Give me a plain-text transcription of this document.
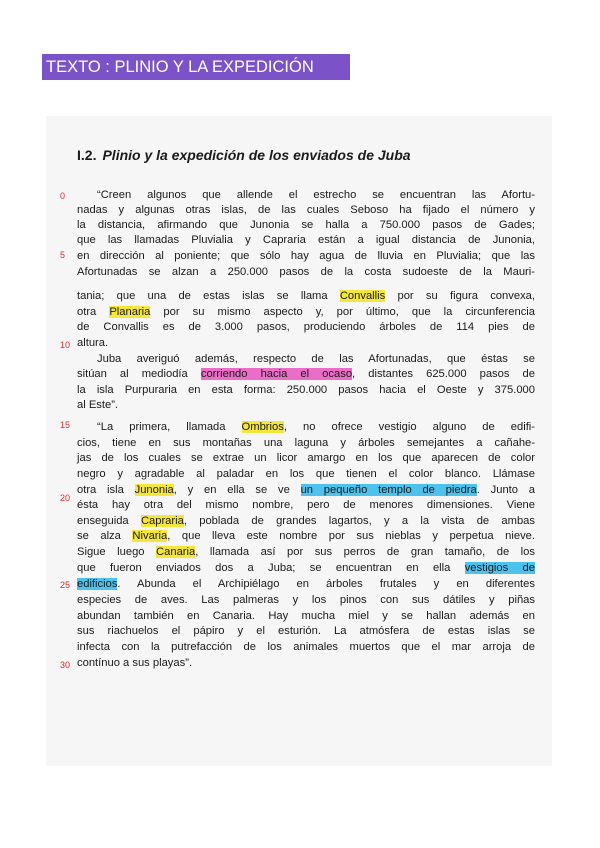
TEXTO : PLINIO Y LA EXPEDICIÓN
I.2. Plinio y la expedición de los enviados de Juba
“Creen algunos que allende el estrecho se encuentran las Afortu-
nadas y algunas otras islas, de las cuales Seboso ha fijado el número y
la distancia, afirmando que Junonia se halla a 750.000 pasos de Gades;
que las llamadas Pluvialia y Capraria están a igual distancia de Junonia,
en dirección al poniente; que sólo hay agua de lluvia en Pluvialia; que las
Afortunadas se alzan a 250.000 pasos de la costa sudoeste de la Mauri-
tania; que una de estas islas se llama Convallis por su figura convexa,
otra Planaria por su mismo aspecto y, por último, que la circunferencia
de Convallis es de 3.000 pasos, produciendo árboles de 114 pies de
altura.
Juba averiguó además, respecto de las Afortunadas, que éstas se
sitúan al mediodía corriendo hacia el ocaso, distantes 625.000 pasos de
la isla Purpuraria en esta forma: 250.000 pasos hacia el Oeste y 375.000
al Este”.
“La primera, llamada Ombrios, no ofrece vestigio alguno de edifi-
cios, tiene en sus montañas una laguna y árboles semejantes a cañahe-
jas de los cuales se extrae un licor amargo en los que aparecen de color
negro y agradable al paladar en los que tienen el color blanco. Llámase
otra isla Junonia, y en ella se ve un pequeño templo de piedra. Junto a
ésta hay otra del mismo nombre, pero de menores dimensiones. Viene
enseguida Capraria, poblada de grandes lagartos, y a la vista de ambas
se alza Nivaria, que lleva este nombre por sus nieblas y perpetua nieve.
Sigue luego Canaria, llamada así por sus perros de gran tamaño, de los
que fueron enviados dos a Juba; se encuentran en ella vestigios de
edificios. Abunda el Archipiélago en árboles frutales y en diferentes
especies de aves. Las palmeras y los pinos con sus dátiles y piñas
abundan también en Canaria. Hay mucha miel y se hallan además en
sus riachuelos el pápiro y el esturión. La atmósfera de estas islas se
infecta con la putrefacción de los animales muertos que el mar arroja de
contínuo a sus playas”.
0
5
10
15
20
25
30
